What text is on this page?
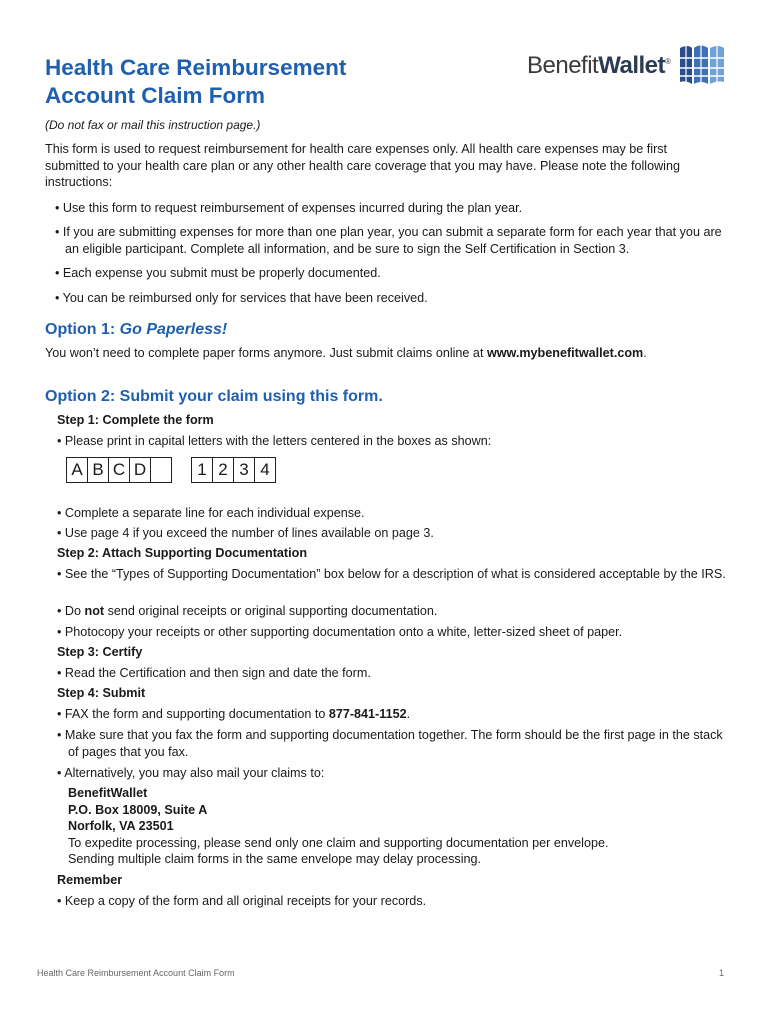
Health Care Reimbursement
Account Claim Form
BenefitWallet®
(Do not fax or mail this instruction page.)
This form is used to request reimbursement for health care expenses only. All health care expenses may be first submitted to your health care plan or any other health care coverage that you may have. Please note the following instructions:
• Use this form to request reimbursement of expenses incurred during the plan year.
• If you are submitting expenses for more than one plan year, you can submit a separate form for each year that you are an eligible participant. Complete all information, and be sure to sign the Self Certification in Section 3.
• Each expense you submit must be properly documented.
• You can be reimbursed only for services that have been received.
Option 1: Go Paperless!
You won’t need to complete paper forms anymore. Just submit claims online at www.mybenefitwallet.com.
Option 2: Submit your claim using this form.
Step 1: Complete the form
• Please print in capital letters with the letters centered in the boxes as shown:
A B C D	1 2 3 4
• Complete a separate line for each individual expense.
• Use page 4 if you exceed the number of lines available on page 3.
Step 2: Attach Supporting Documentation
• See the “Types of Supporting Documentation” box below for a description of what is considered acceptable by the IRS.
• Do not send original receipts or original supporting documentation.
• Photocopy your receipts or other supporting documentation onto a white, letter-sized sheet of paper.
Step 3: Certify
• Read the Certification and then sign and date the form.
Step 4: Submit
• FAX the form and supporting documentation to 877-841-1152.
• Make sure that you fax the form and supporting documentation together. The form should be the first page in the stack of pages that you fax.
• Alternatively, you may also mail your claims to:
BenefitWallet
P.O. Box 18009, Suite A
Norfolk, VA 23501
To expedite processing, please send only one claim and supporting documentation per envelope.
Sending multiple claim forms in the same envelope may delay processing.
Remember
• Keep a copy of the form and all original receipts for your records.
Health Care Reimbursement Account Claim Form	1
